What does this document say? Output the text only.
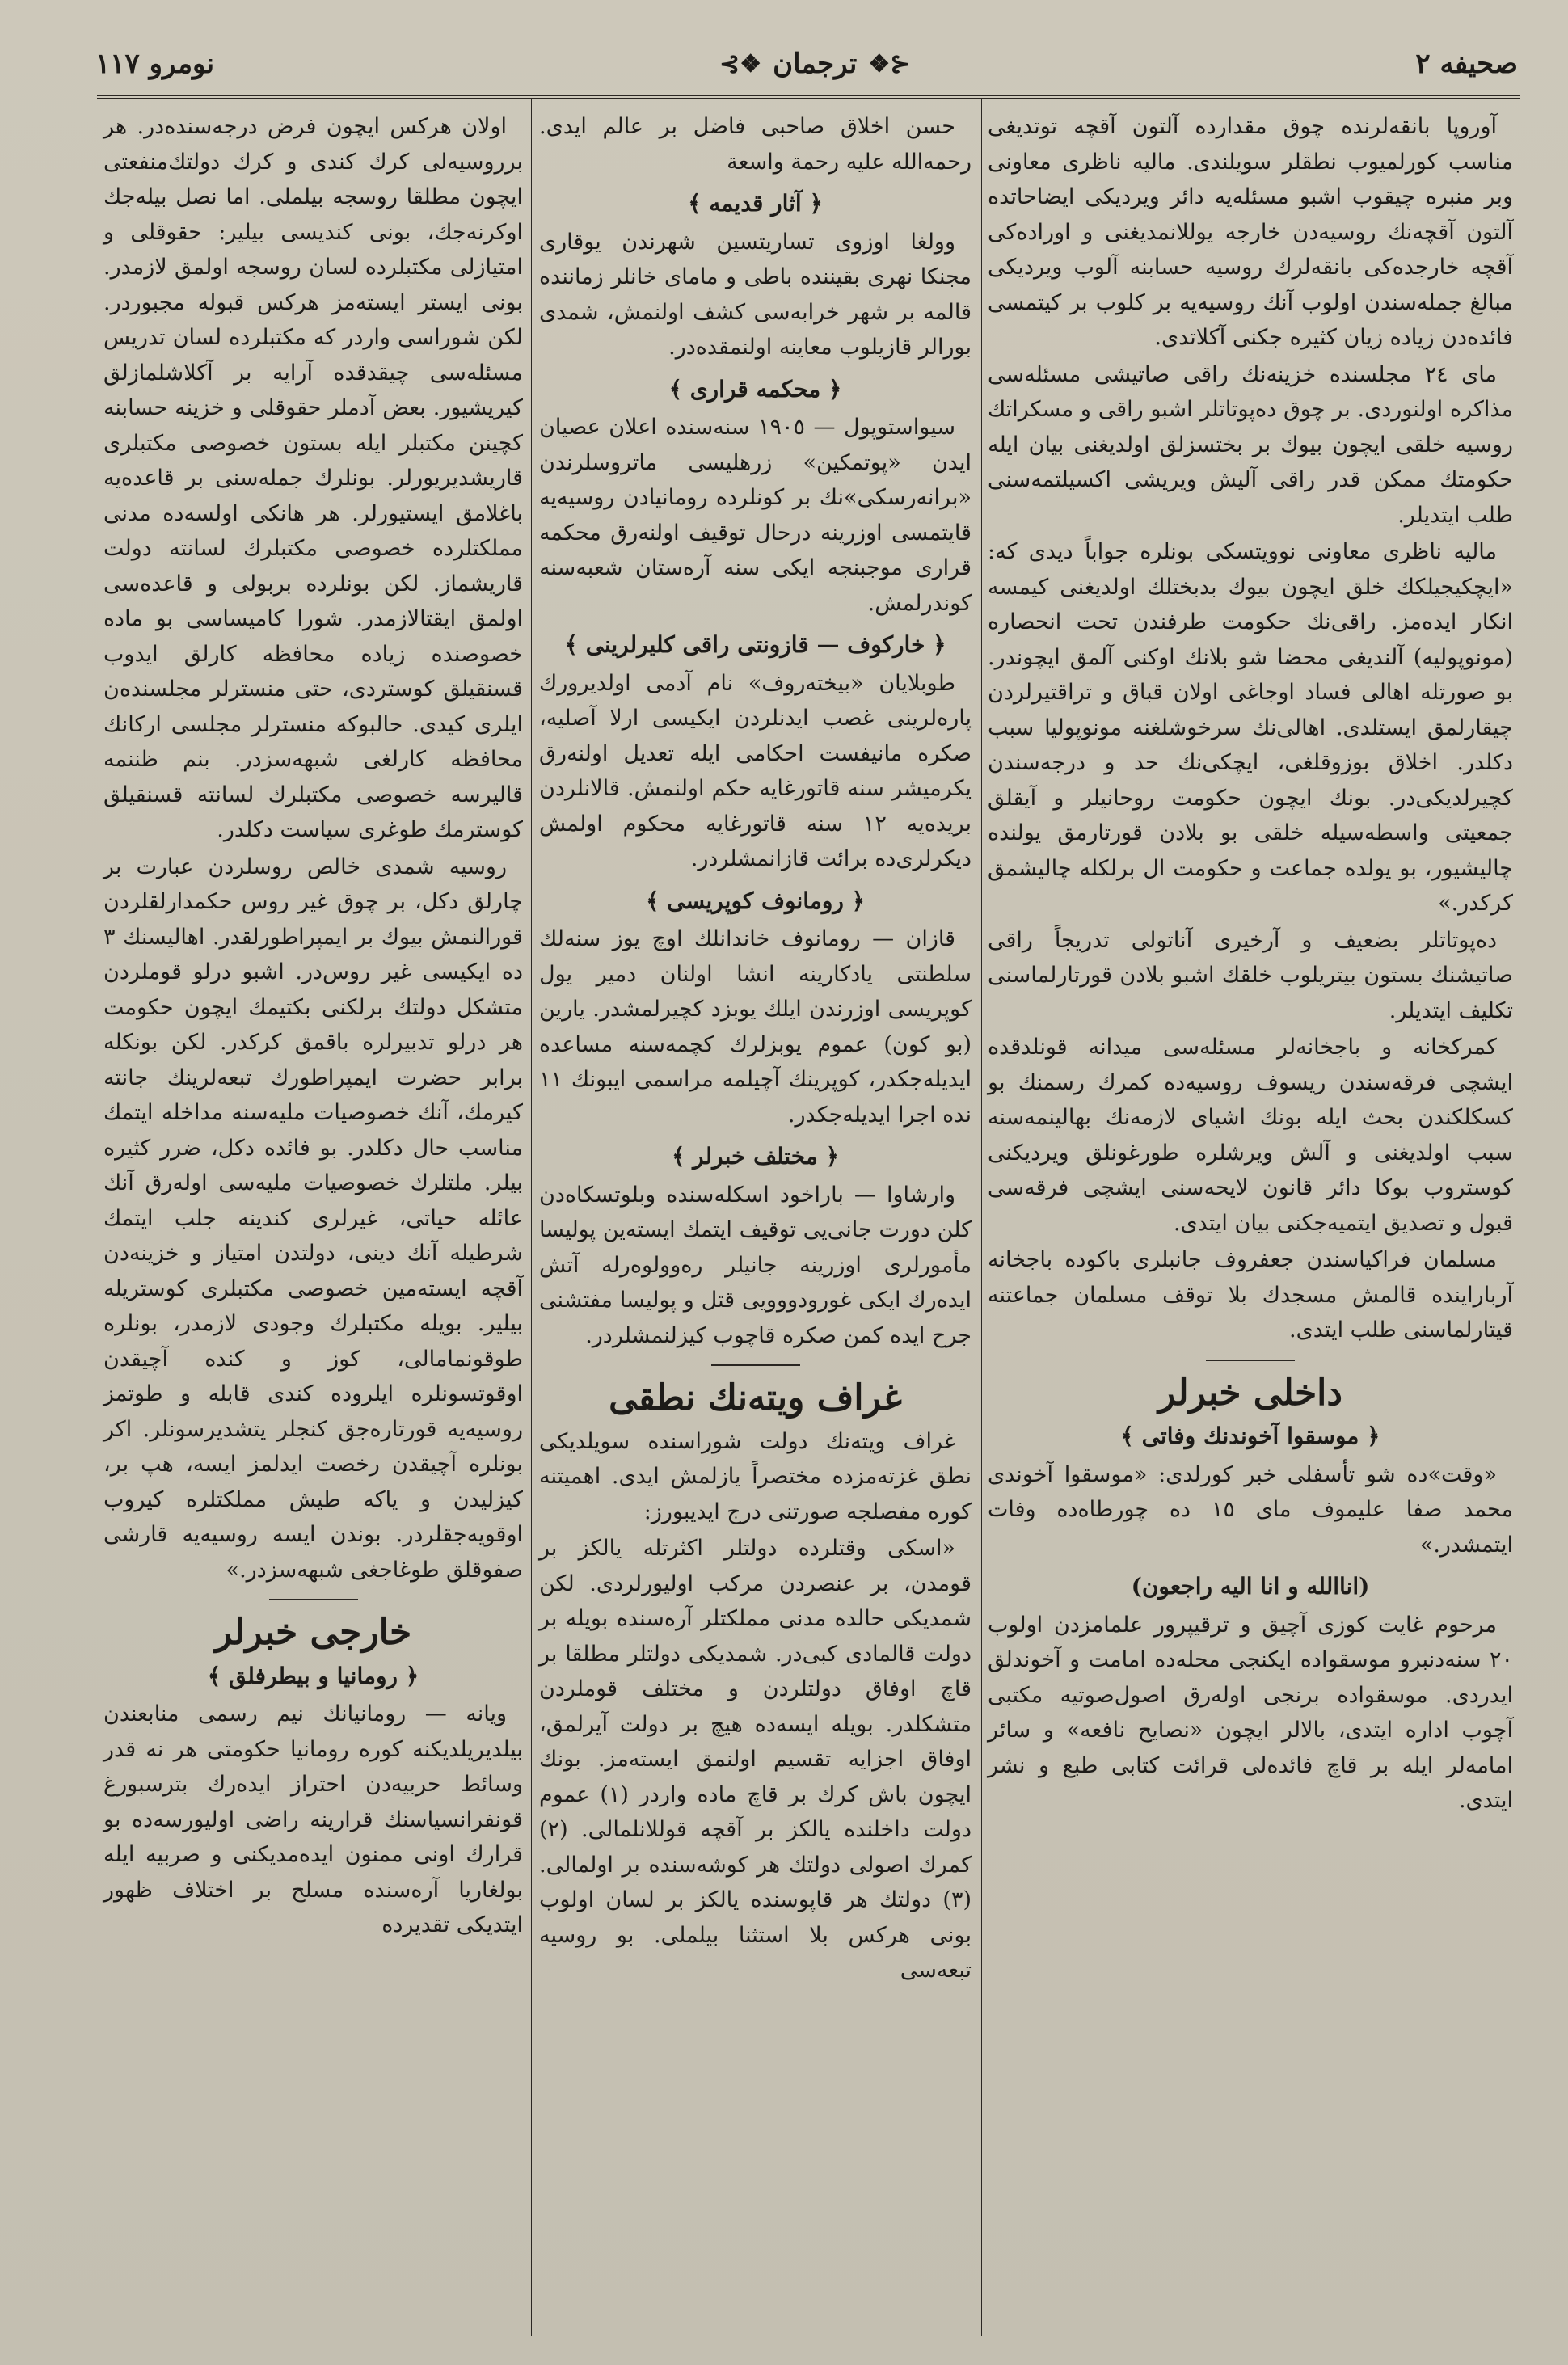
صحيفه ٢
⊰❖
ترجمان
❖⊱
نومرو ١١٧

آوروپا بانقه‌لرنده چوق مقدارده آلتون آقچه توتدیغی مناسب کورلمیوب نطقلر سویلندی. مالیه ناظری معاونی وبر منبره چیقوب اشبو مسئله‌یه دائر ویردیکی ایضاحاتده آلتون آقچه‌نك روسیه‌دن خارجه یوللانمدیغنی و اورادەکی آقچه خارجده‌کی بانقه‌لرك روسیه حسابنه آلوب ویردیکی مبالغ جمله‌سندن اولوب آنك روسیه‌یه بر کلوب بر کیتمسی فائده‌دن زیاده زیان کثیره جکنی آکلاتدی.

مای ٢٤ مجلسنده خزینه‌نك راقی صاتیشی مسئله‌سی مذاکره اولنوردی. بر چوق دەپوتاتلر اشبو راقی و مسکراتك روسیه خلقی ایچون بیوك بر بختسزلق اولدیغنی بیان ایله حکومتك ممکن قدر راقی آلیش ویریشی اکسیلتمه‌سنی طلب ایتدیلر.

مالیه ناظری معاونی نوویتسکی بونلره جواباً دیدی که: «ایچکیجیلکك خلق ایچون بیوك بدبختلك اولدیغنی کیمسه انکار ایدەمز. راقی‌نك حکومت طرفندن تحت انحصاره (مونوپولیه) آلندیغی محضا شو بلانك اوکنی آلمق ایچوندر. بو صورتله اهالی فساد اوجاغی اولان قباق و تراقتیرلردن چیقارلمق ایستلدی. اهالی‌نك سرخوشلغنه مونوپولیا سبب دکلدر. اخلاق بوزوقلغی، ایچکی‌نك حد و درجه‌سندن کچیرلدیکی‌در. بونك ایچون حکومت روحانیلر و آیقلق جمعیتی واسطه‌سیله خلقی بو بلادن قورتارمق یولنده چالیشیور، بو یولده جماعت و حکومت ال برلکله چالیشمق کرکدر.»

دەپوتاتلر بضعیف و آرخیری آناتولی تدریجاً راقی صاتیشنك بستون بیتریلوب خلقك اشبو بلادن قورتارلماسنی تکلیف ایتدیلر.

کمرکخانه و باجخانه‌لر مسئله‌سی میدانه قونلدقده ایشچی فرقه‌سندن ریسوف روسیه‌ده کمرك رسمنك بو کسکلکندن بحث ایله بونك اشیای لازمه‌نك بهالینمه‌سنه سبب اولدیغنی و آلش ویرشلره طورغونلق ویردیکنی کوستروب بوکا دائر قانون لایحه‌سنی ایشچی فرقه‌سی قبول و تصدیق ایتمیه‌جکنی بیان ایتدی.

مسلمان فراکیاسندن جعفروف جانبلری باکوده باجخانه آرباراینده قالمش مسجدك بلا توقف مسلمان جماعتنه قیتارلماسنی طلب ایتدی.

داخلی خبرلر
﴿ موسقوا آخوندنك وفاتی ﴾

«وقت»ده شو تأسفلی خبر کورلدی: «موسقوا آخوندی محمد صفا علیموف مای ١٥ ده چورطاه‌ده وفات ایتمشدر.»

(اناالله و انا الیه راجعون)

مرحوم غایت کوزی آچیق و ترقیپرور علمامزدن اولوب ٢٠ سنه‌دنبرو موسقواده ایکنجی محله‌ده امامت و آخوندلق ایدردی. موسقواده برنجی اولەرق اصول‌صوتیه مکتبی آچوب اداره ایتدی، بالالر ایچون «نصایح نافعه» و سائر امامەلر ایله بر قاچ فائده‌لی قرائت کتابی طبع و نشر ایتدی.

حسن اخلاق صاحبی فاضل بر عالم ایدی. رحمه‌الله علیه رحمة واسعة

﴿ آثار قدیمه ﴾

وولغا اوزوی تساریتسین شهرندن یوقاری مجنکا نهری بقیننده باطی و مامای خانلر زماننده قالمه بر شهر خرابه‌سی کشف اولنمش، شمدی بورالر قازیلوب معاینه اولنمقده‌در.

﴿ محکمه قراری ﴾

سیواستوپول — ١٩٠٥ سنه‌سنده اعلان عصیان ایدن «پوتمکین» زرهلیسی ماتروسلرندن «برانه‌رسکی»نك بر کونلرده رومانیادن روسیه‌یه قایتمسی اوزرینه درحال توقیف اولنه‌رق محکمه قراری موجبنجه ایکی سنه آره‌ستان شعبه‌سنه کوندرلمش.

﴿ خارکوف — قازونتی راقی کلیرلرینی ﴾

طوبلایان «بیختەروف» نام آدمی اولدیرورك پارەلرینی غصب ایدنلردن ایکیسی ارلا آصلیه، صکره مانیفست احکامی ایله تعدیل اولنه‌رق یکرمیشر سنه قاتورغایه حکم اولنمش. قالانلردن بریده‌یه ١٢ سنه قاتورغایه محکوم اولمش دیکرلری‌ده برائت قازانمشلردر.

﴿ رومانوف کوپریسی ﴾

قازان — رومانوف خاندانلك اوچ یوز سنه‌لك سلطنتی یادکارینه انشا اولنان دمیر یول کوپریسی اوزرندن ایلك یوبزد کچیرلمشدر. یارین (بو کون) عموم یوبزلرك کچمه‌سنه مساعده ایدیله‌جکدر، کوپرینك آچیلمه مراسمی ایبونك ١١ نده اجرا ایدیله‌جکدر.

﴿ مختلف خبرلر ﴾

وارشاوا — باراخود اسکله‌سنده وبلوتسکاه‌دن کلن دورت جانی‌یی توقیف ایتمك ایسته‌ین پولیسا مأمورلری اوزرینه جانیلر رەوولوەرله آتش ایدەرك ایکی غورودووویی قتل و پولیسا مفتشنی جرح ایده کمن صکره قاچوب کیزلنمشلر‌در.

غراف ویته‌نك نطقی

غراف ویته‌نك دولت شوراسنده سویلدیکی نطق غزته‌مزده مختصراً یازلمش ایدی. اهمیتنه کوره مفصلجه صورتنی درج ایدیبورز:

«اسکی وقتلرده دولتلر اکثرتله یالکز بر قومدن، بر عنصردن مرکب اولیورلردی. لکن شمدیکی حالده مدنی مملکتلر آره‌سنده بویله بر دولت قالمادی کبی‌در. شمدیکی دولتلر مطلقا بر قاچ اوفاق دولتلردن و مختلف قوملردن متشکلدر. بویله ایسه‌ده هیچ بر دولت آیرلمق، اوفاق اجزایه تقسیم اولنمق ایسته‌مز. بونك ایچون باش کرك بر قاچ ماده واردر (١) عموم دولت داخلنده یالکز بر آقچه قوللانلمالی. (٢) کمرك اصولی دولتك هر کوشه‌سنده بر اولمالی. (٣) دولتك هر قاپوسنده یالکز بر لسان اولوب بونی هرکس بلا استثنا بیلملی. بو روسیه تبعه‌سی

اولان هرکس ایچون فرض درجه‌سنده‌در. هر برروسیه‌لی کرك کندی و کرك دولتك‌منفعتی ایچون مطلقا روسجه بیلملی. اما نصل بیله‌جك اوکرنه‌جك، بونی کندیسی بیلیر: حقوقلی و امتیازلی مکتبلرده لسان روسجه اولمق لازمدر. بونی ایستر ایسته‌مز هرکس قبوله مجبوردر. لکن شوراسی واردر که مکتبلرده لسان تدریس مسئله‌سی چیقدقده آرایه بر آکلاشلمازلق کیریشیور. بعض آدملر حقوقلی و خزینه حسابنه کچینن مکتبلر ایله بستون خصوصی مکتبلری قاریشدیریورلر. بونلرك جمله‌سنی بر قاعده‌یه باغلامق ایستیورلر. هر هانکی اولسه‌ده مدنی مملکتلرده خصوصی مکتبلرك لسانته دولت قاریشماز. لکن بونلرده بربولی و قاعده‌سی اولمق ایقتالازمدر. شورا کامیساسی بو ماده خصوصنده زیاده محافظه کارلق ایدوب قسنقیلق کوستردی، حتی منسترلر مجلسنده‌ن ایلری کیدی. حالبوکه منسترلر مجلسی ارکانك محافظه کارلغی شبهه‌سزدر. بنم ظننمه قالیرسه خصوصی مکتبلرك لسانته قسنقیلق کوسترمك طوغری سیاست دکلدر.

روسیه شمدی خالص روسلردن عبارت بر چارلق دکل، بر چوق غیر روس حکمدارلقلردن قورالنمش بیوك بر ایمپراطورلقدر. اهالیسنك ٣ ده ایکیسی غیر روس‌در. اشبو درلو قوملردن متشکل دولتك برلکنی بکتیمك ایچون حکومت هر درلو تدبیرلره باقمق کرکدر. لکن بونکله برابر حضرت ایمپراطورك تبعه‌لرینك جانته کیرمك، آنك خصوصیات ملیه‌سنه مداخله ایتمك مناسب حال دکلدر. بو فائده دکل، ضرر کثیره بیلر. ملتلرك خصوصیات ملیه‌سی اوله‌رق آنك عائله حیاتی، غیرلری کندینه جلب ایتمك شرطیله آنك دینی، دولتدن امتیاز و خزینه‌دن آقچه ایسته‌مین خصوصی مکتبلری کوستریله بیلیر. بویله مکتبلرك وجودی لازمدر، بونلره طوقونمامالی، کوز و کندە آچیقدن اوقوتسونلره ایلرو‌ده کندی قابله و طوتمز روسیه‌یه قورتاره‌جق کنجلر یتشدیرسونلر. اکر بونلره آچیقدن رخصت ایدلمز ایسه، هپ بر، کیزلیدن و یاکه طیش مملکتلره کیروب اوقویه‌جقلردر. بوندن ایسه روسیه‌یه قارشی صفوقلق طوغاجغی شبهه‌سزدر.»

خارجی خبرلر
﴿ رومانیا و بیطرفلق ﴾

ویانه — رومانیانك نیم رسمی منابعندن بیلدیریلدیکنه کوره رومانیا حکومتی هر نه قدر وسائط حربیه‌دن احتراز ایدەرك بترسبورغ قونفرانسیاسنك قرارینه راضی اولیورسه‌ده بو قرارك اونی ممنون ایده‌مدیکنی و صربیه ایله بولغاریا آره‌سنده مسلح بر اختلاف ظهور ایتدیکی تقدیرده
